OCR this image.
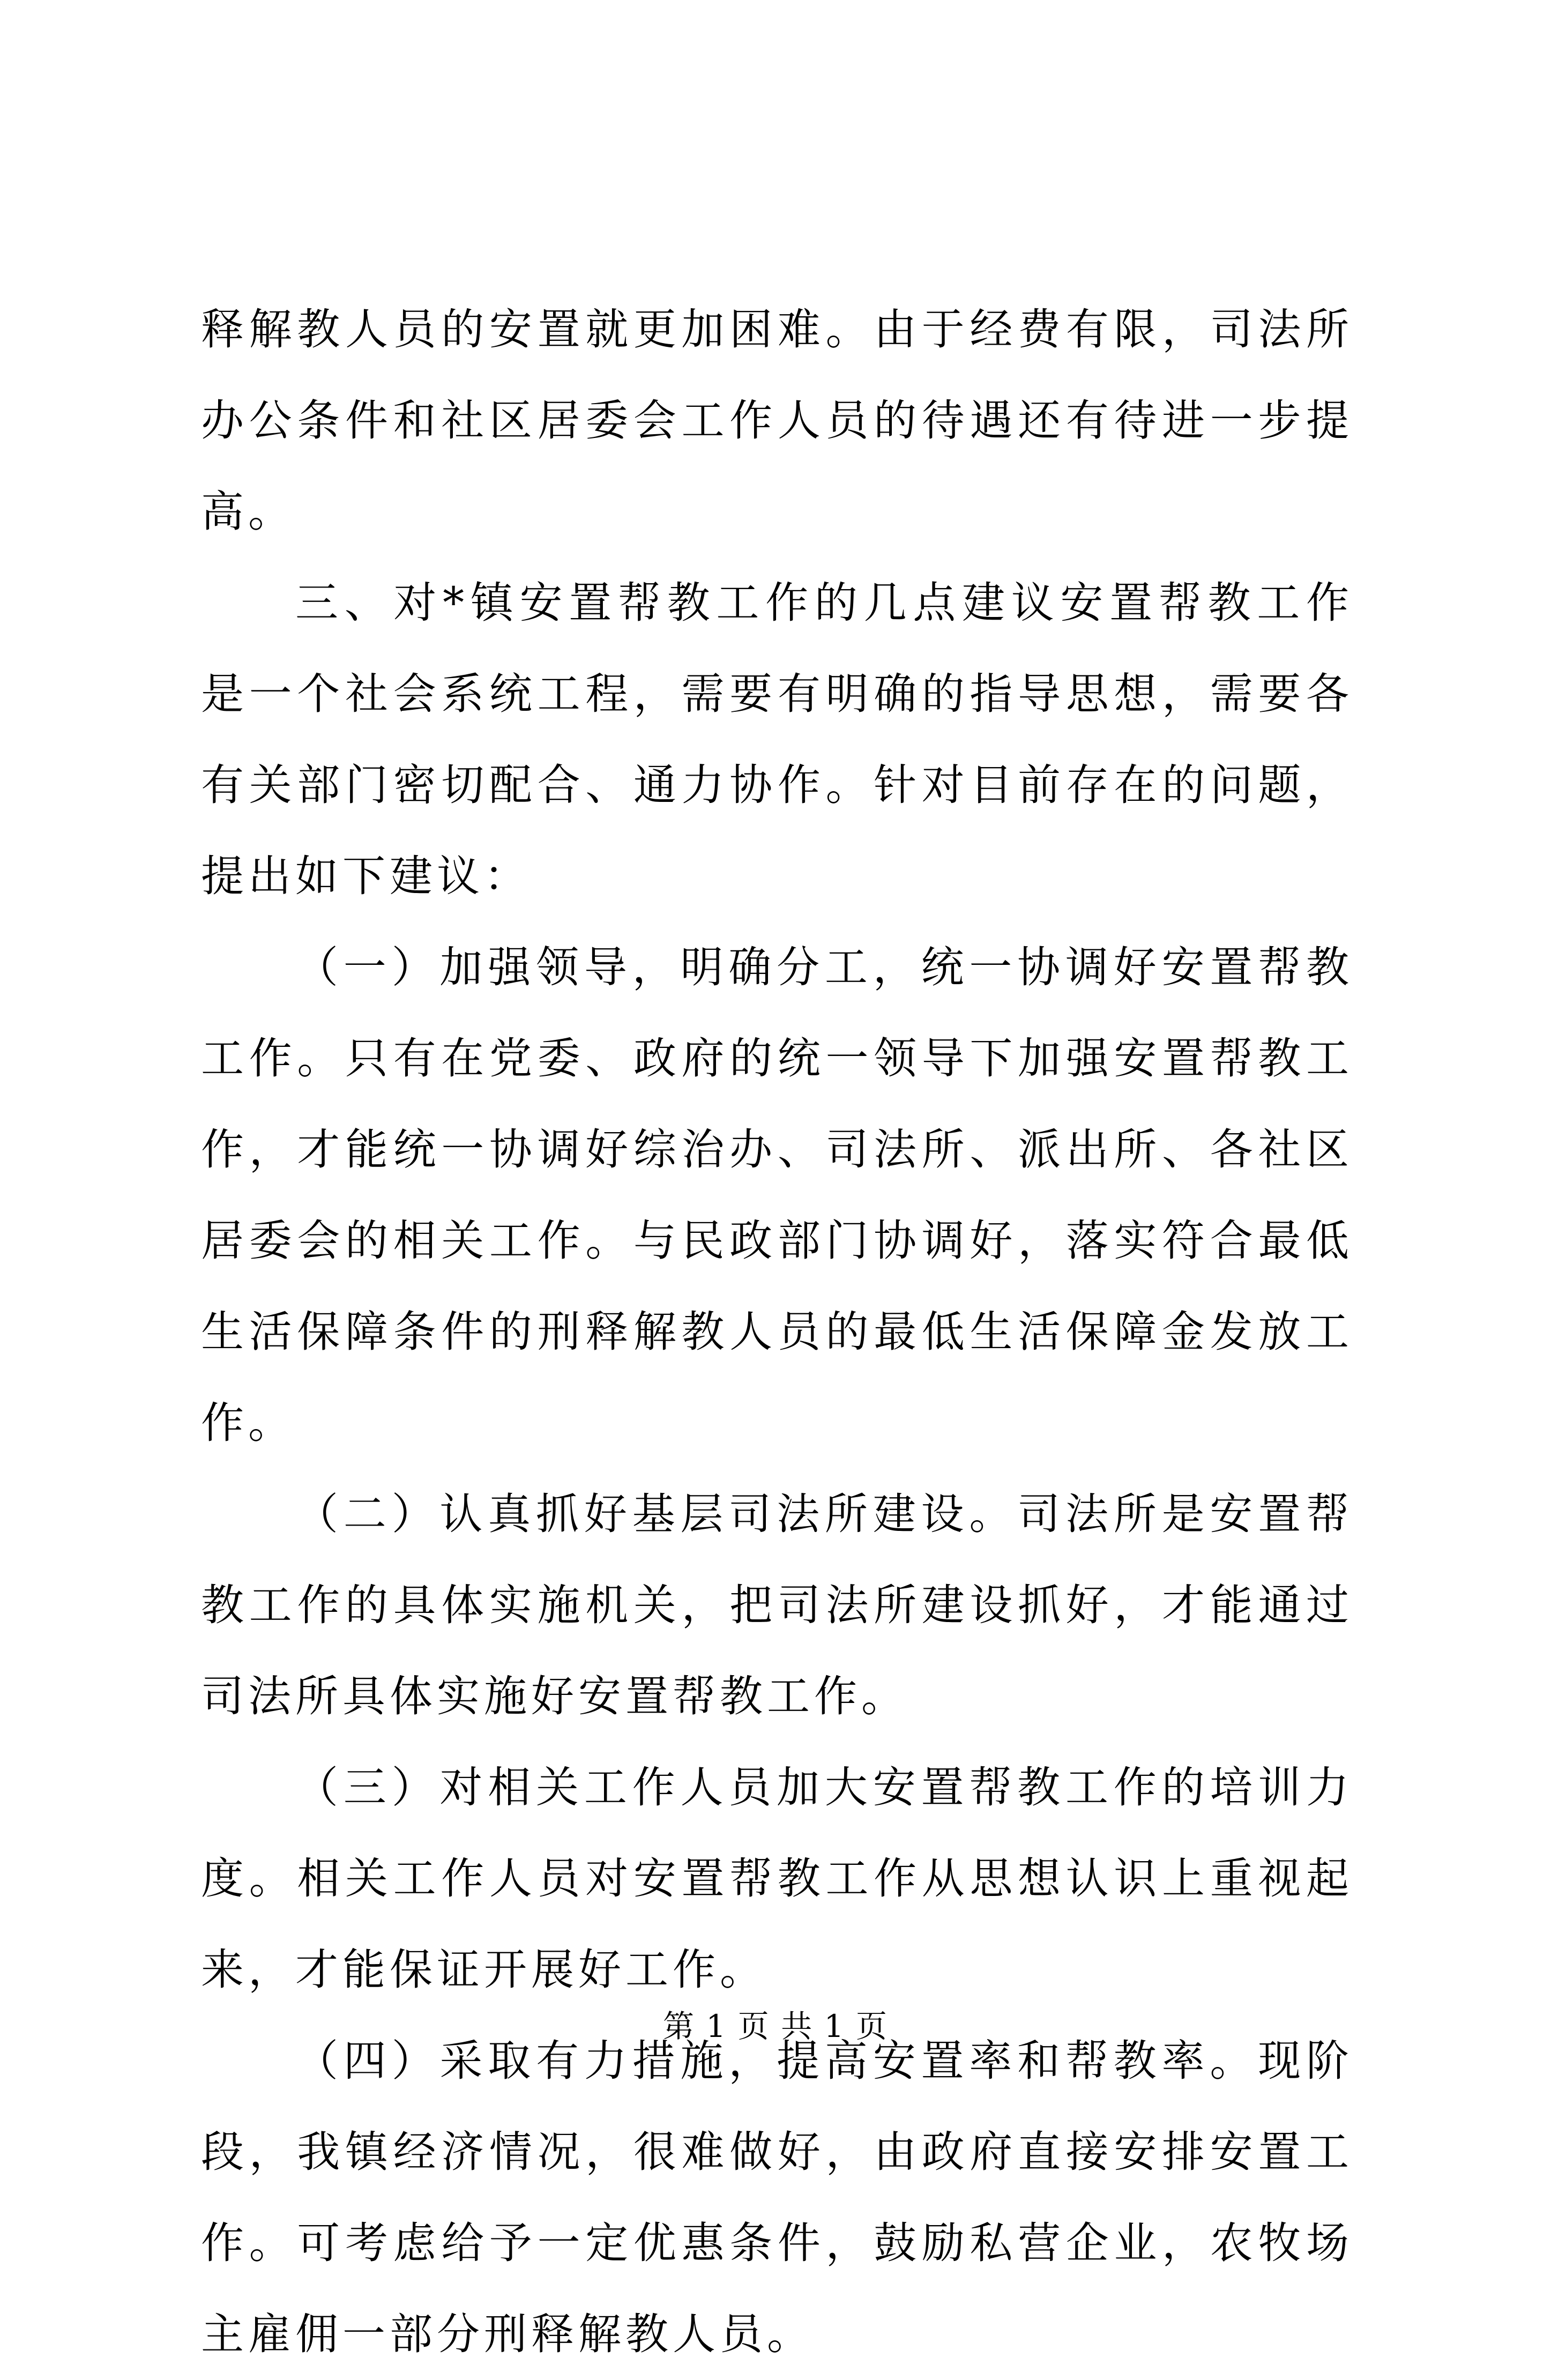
释解教人员的安置就更加困难。由于经费有限，司法所办公条件和社区居委会工作人员的待遇还有待进一步提高。

三、对*镇安置帮教工作的几点建议安置帮教工作是一个社会系统工程，需要有明确的指导思想，需要各有关部门密切配合、通力协作。针对目前存在的问题，提出如下建议：

（一）加强领导，明确分工，统一协调好安置帮教工作。只有在党委、政府的统一领导下加强安置帮教工作，才能统一协调好综治办、司法所、派出所、各社区居委会的相关工作。与民政部门协调好，落实符合最低生活保障条件的刑释解教人员的最低生活保障金发放工作。

（二）认真抓好基层司法所建设。司法所是安置帮教工作的具体实施机关，把司法所建设抓好，才能通过司法所具体实施好安置帮教工作。

（三）对相关工作人员加大安置帮教工作的培训力度。相关工作人员对安置帮教工作从思想认识上重视起来，才能保证开展好工作。

（四）采取有力措施，提高安置率和帮教率。现阶段，我镇经济情况，很难做好，由政府直接安排安置工作。可考虑给予一定优惠条件，鼓励私营企业，农牧场主雇佣一部分刑释解教人员。

第 1 页 共 1 页
